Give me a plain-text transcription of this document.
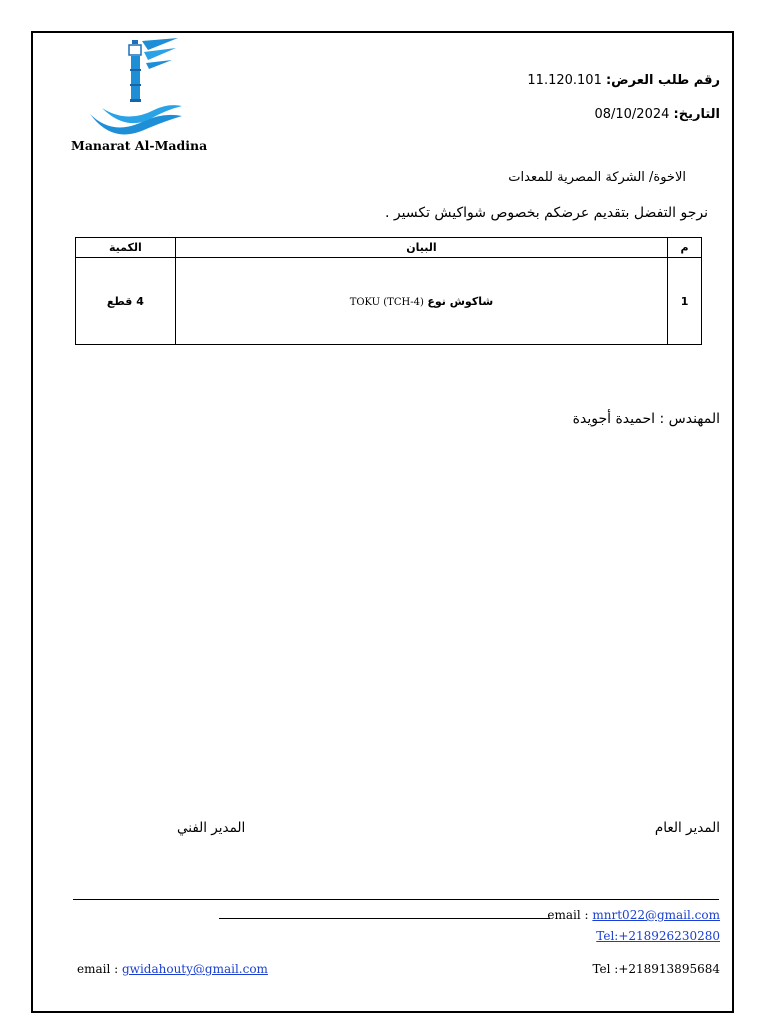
Manarat Al-Madina
رقم طلب العرض: 11.120.101
التاريخ: 08/10/2024
الاخوة/ الشركة المصرية للمعدات
نرجو التفضل بتقديم عرضكم بخصوص شواكيش تكسير .
م	البيان	الكمية
1	شاكوش نوع TOKU (TCH-4)	4 قطع
المهندس : احميدة أجويدة
المدير العام
المدير الفني
email : mnrt022@gmail.com
Tel:+218926230280
email : gwidahouty@gmail.com	Tel :+218913895684
